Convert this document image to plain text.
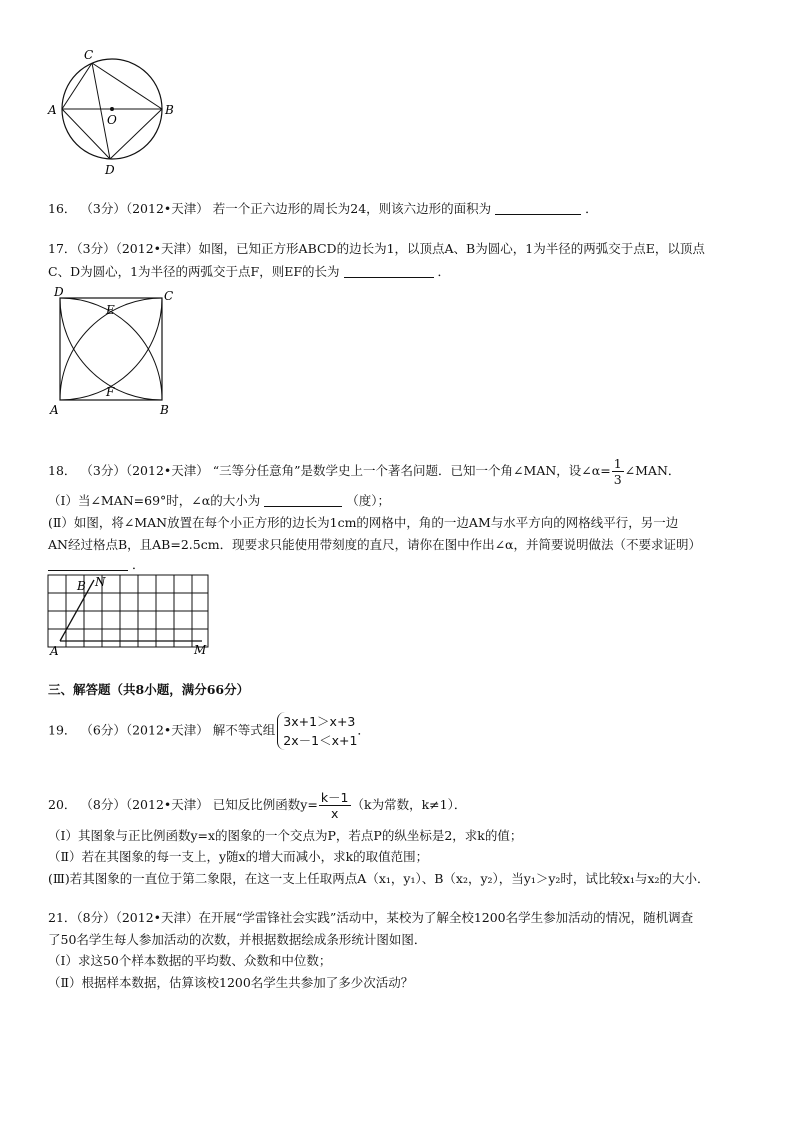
C
A
O
B
D
16． （3分）（2012•天津） 若一个正六边形的周长为24，则该六边形的面积为	．
17．（3分）（2012•天津）如图，已知正方形ABCD的边长为1，以顶点A、B为圆心，1为半径的两弧交于点E，以顶点
C、D为圆心，1为半径的两弧交于点F，则EF的长为	．
D	C
E
F
A	B
18． （3分）（2012•天津） “三等分任意角”是数学史上一个著名问题．已知一个角∠MAN，设∠α= $\frac{1}{3}$ ∠MAN．
（Ⅰ）当∠MAN=69°时，∠α的大小为	（度）；
(Ⅱ）如图，将∠MAN放置在每个小正方形的边长为1cm的网格中，角的一边AM与水平方向的网格线平行，另一边
AN经过格点B，且AB=2.5cm．现要求只能使用带刻度的直尺，请你在图中作出∠α，并简要说明做法（不要求证明）
．
B N
A	M
三、解答题（共8小题，满分66分）
19． （6分）（2012•天津） 解不等式组
3x+1＞x+3
2x－1＜x+1
．
20． （8分）（2012•天津） 已知反比例函数$y= \frac{k-1}{x} (k$为常数，k≠1）．
（Ⅰ）其图象与正比例函数y=x的图象的一个交点为P，若点P的纵坐标是2，求k的值；
（Ⅱ）若在其图象的每一支上，y随x的增大而减小，求k的取值范围；
(Ⅲ)若其图象的一直位于第二象限，在这一支上任取两点A（x₁，y₁）、B（x₂，y₂），当y₁＞y₂时，试比较x₁与x₂的大小．
21．（8分）（2012•天津）在开展“学雷锋社会实践”活动中，某校为了解全校1200名学生参加活动的情况，随机调查
了50名学生每人参加活动的次数，并根据数据绘成条形统计图如图．
（Ⅰ）求这50个样本数据的平均数、众数和中位数；
（Ⅱ）根据样本数据，估算该校1200名学生共参加了多少次活动？
